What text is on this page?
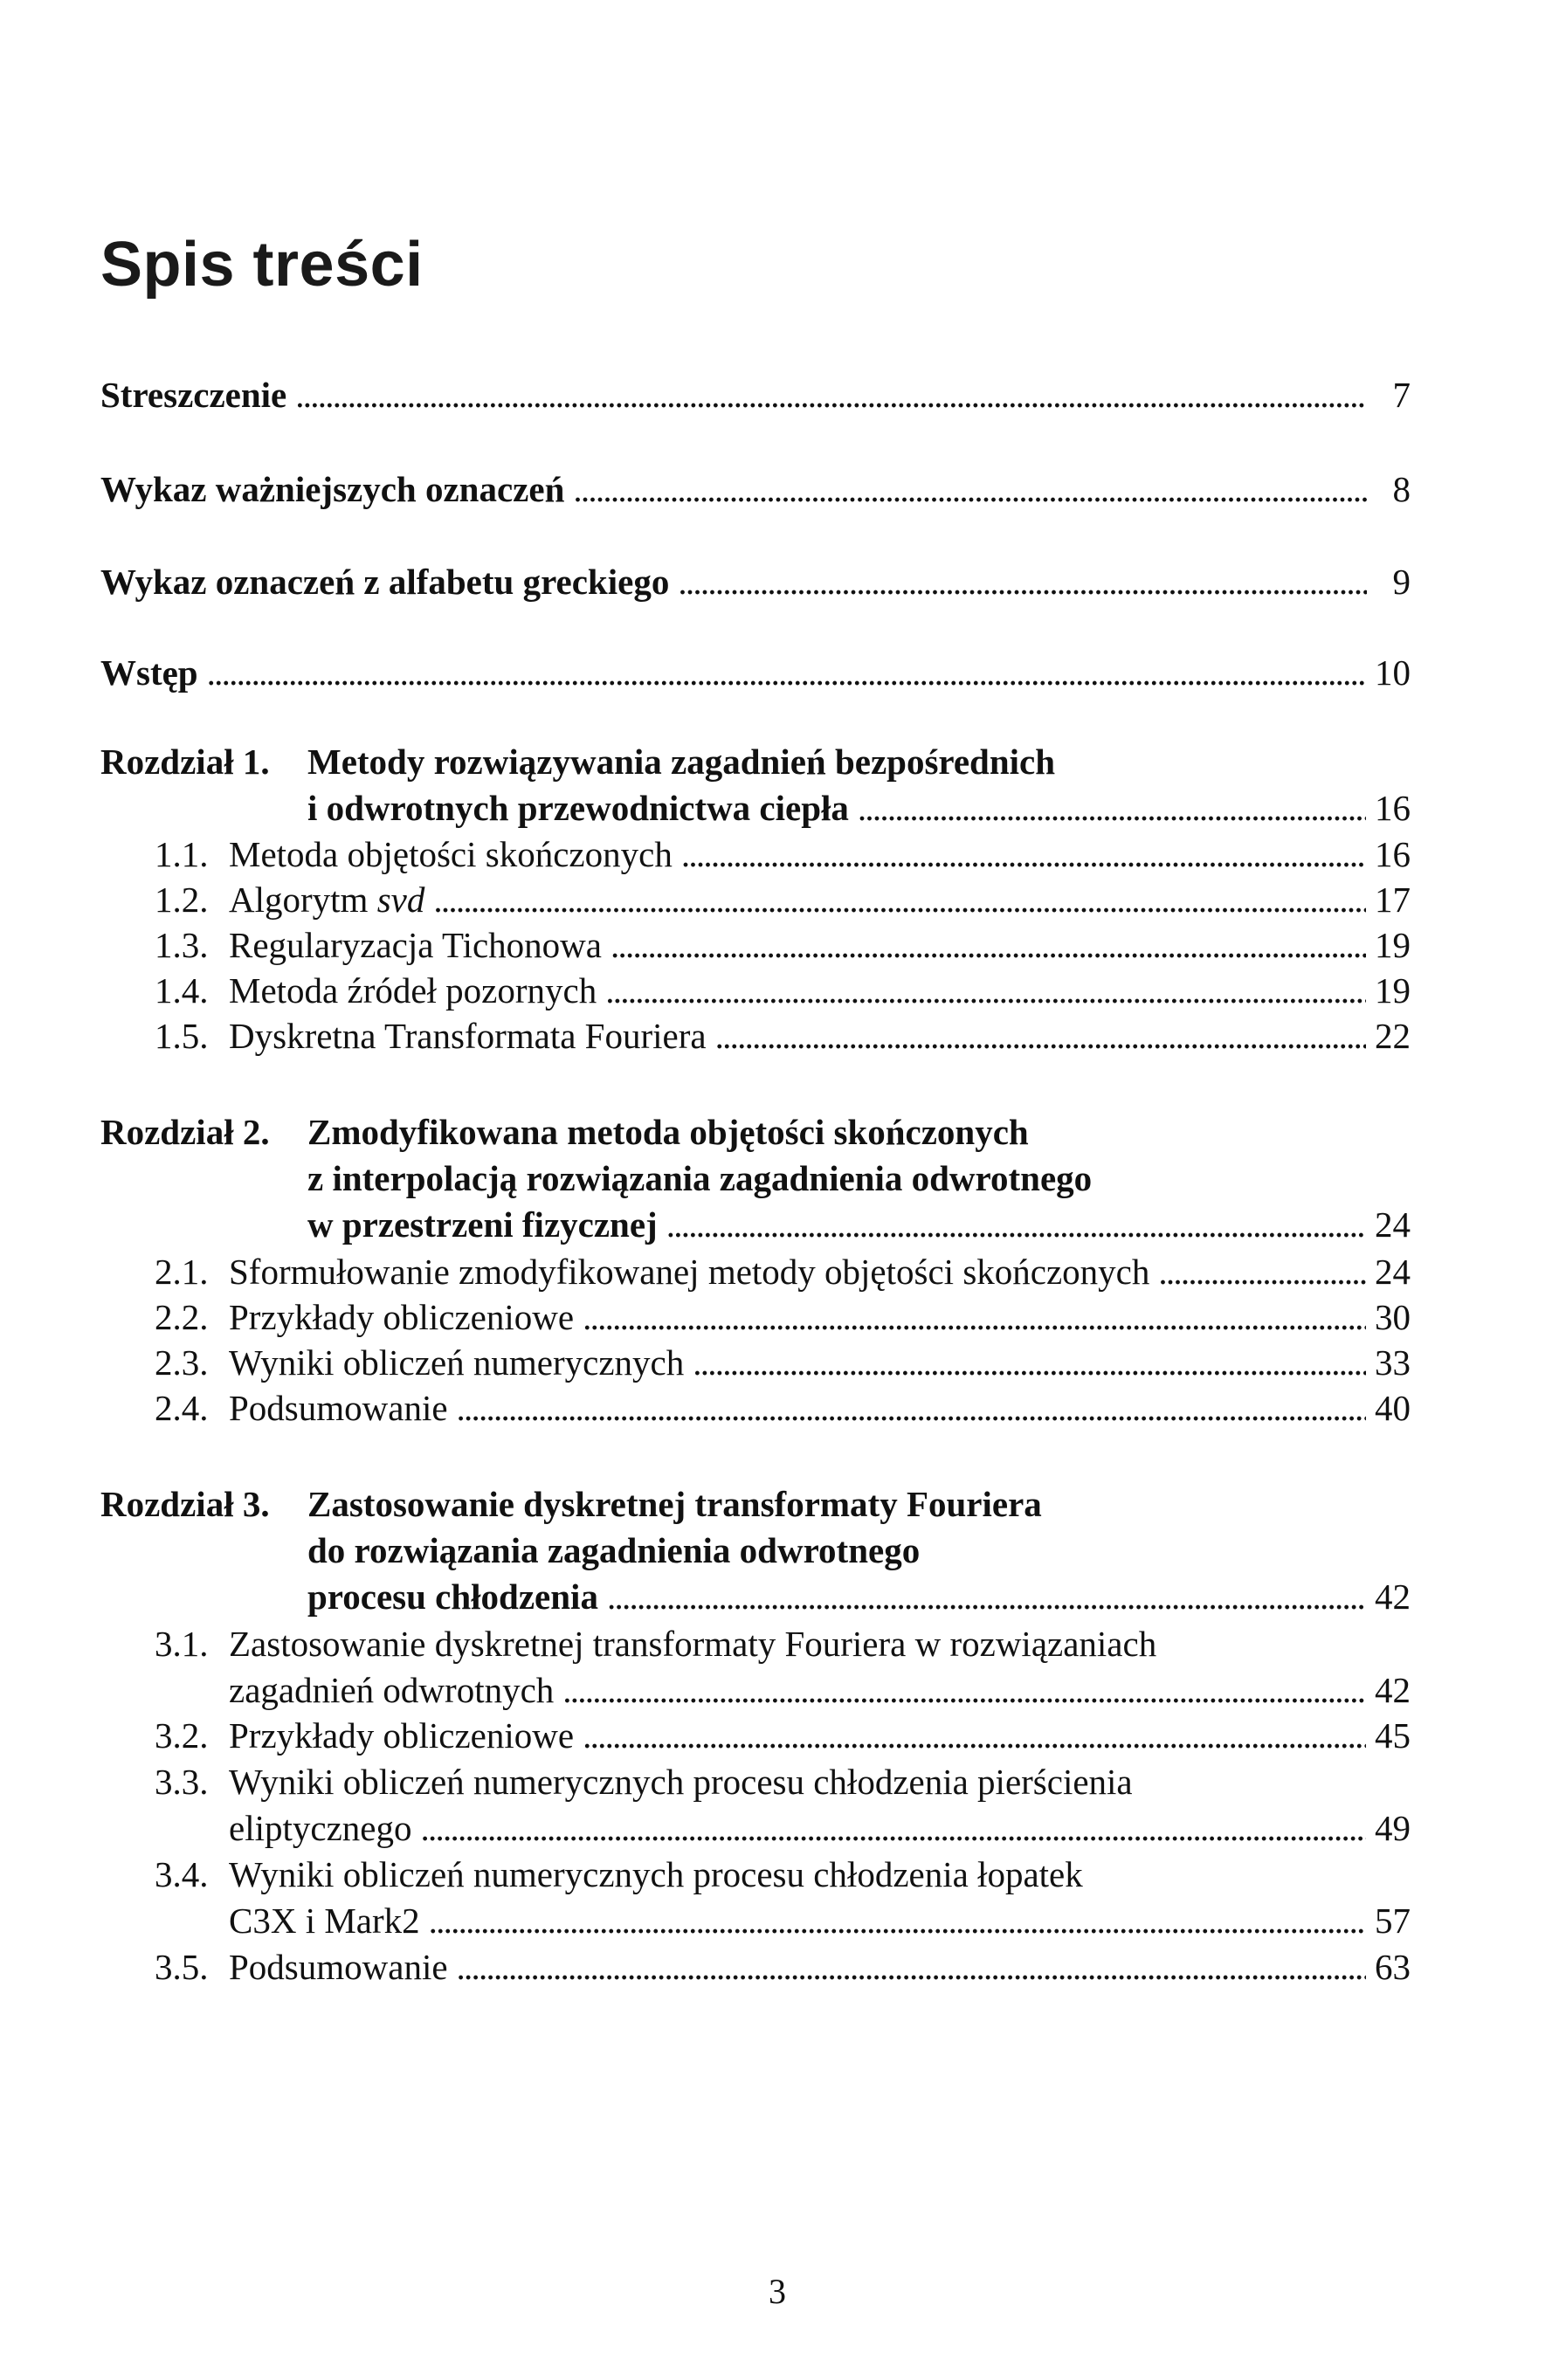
Spis treści
Streszczenie . . .	7
Wykaz ważniejszych oznaczeń . . .	8
Wykaz oznaczeń z alfabetu greckiego . . .	9
Wstęp . . .	10
Rozdział 1. Metody rozwiązywania zagadnień bezpośrednich
i odwrotnych przewodnictwa ciepła . . .	16
1.1. Metoda objętości skończonych . . .	16
1.2. Algorytm svd . . .	17
1.3. Regularyzacja Tichonowa . . .	19
1.4. Metoda źródeł pozornych . . .	19
1.5. Dyskretna Transformata Fouriera . . .	22
Rozdział 2. Zmodyfikowana metoda objętości skończonych
z interpolacją rozwiązania zagadnienia odwrotnego
w przestrzeni fizycznej . . .	24
2.1. Sformułowanie zmodyfikowanej metody objętości skończonych . . .	24
2.2. Przykłady obliczeniowe . . .	30
2.3. Wyniki obliczeń numerycznych . . .	33
2.4. Podsumowanie . . .	40
Rozdział 3. Zastosowanie dyskretnej transformaty Fouriera
do rozwiązania zagadnienia odwrotnego
procesu chłodzenia . . .	42
3.1. Zastosowanie dyskretnej transformaty Fouriera w rozwiązaniach
zagadnień odwrotnych . . .	42
3.2. Przykłady obliczeniowe . . .	45
3.3. Wyniki obliczeń numerycznych procesu chłodzenia pierścienia
eliptycznego . . .	49
3.4. Wyniki obliczeń numerycznych procesu chłodzenia łopatek
C3X i Mark2 . . .	57
3.5. Podsumowanie . . .	63
3
